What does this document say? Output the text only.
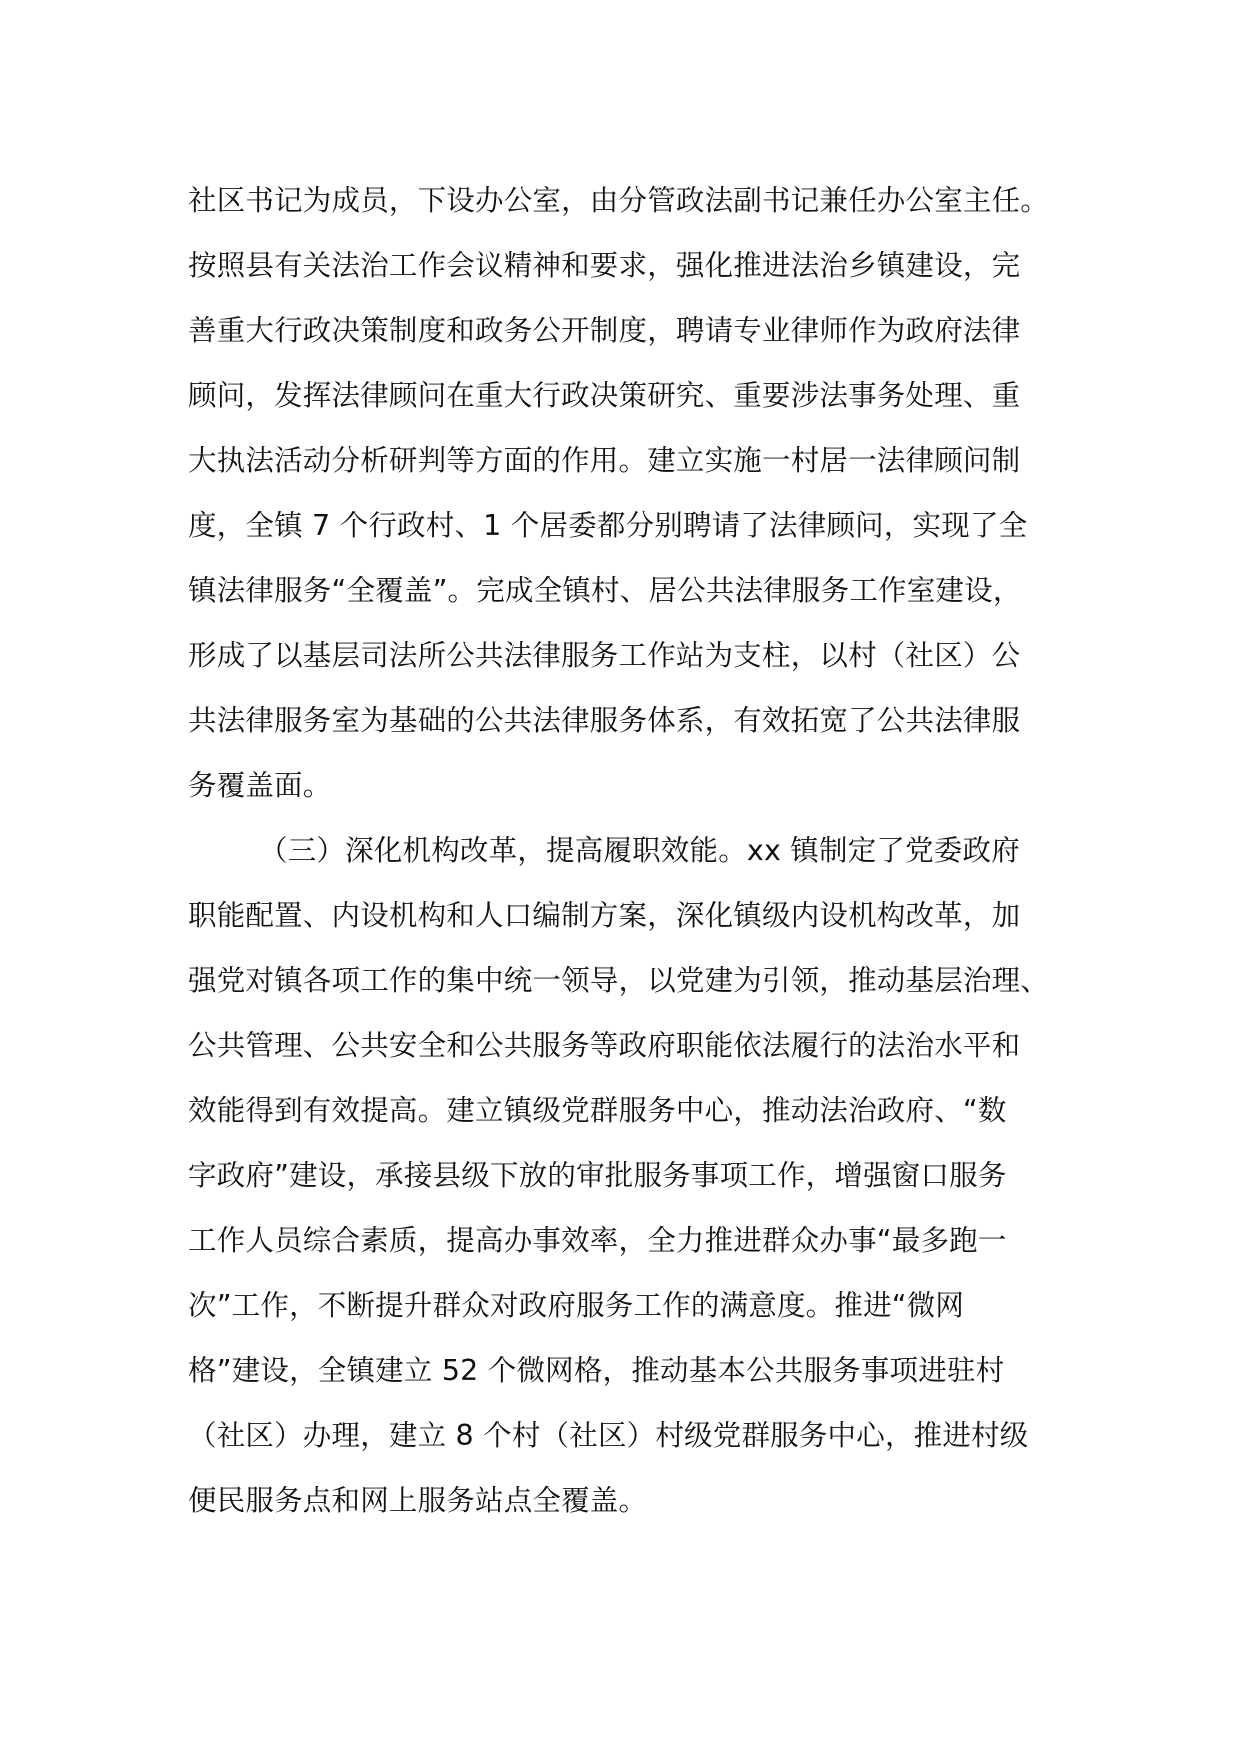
社区书记为成员，下设办公室，由分管政法副书记兼任办公室主任。
按照县有关法治工作会议精神和要求，强化推进法治乡镇建设，完
善重大行政决策制度和政务公开制度，聘请专业律师作为政府法律
顾问，发挥法律顾问在重大行政决策研究、重要涉法事务处理、重
大执法活动分析研判等方面的作用。建立实施一村居一法律顾问制
度，全镇 7 个行政村、1 个居委都分别聘请了法律顾问，实现了全
镇法律服务“全覆盖”。完成全镇村、居公共法律服务工作室建设，
形成了以基层司法所公共法律服务工作站为支柱，以村（社区）公
共法律服务室为基础的公共法律服务体系，有效拓宽了公共法律服
务覆盖面。
（三）深化机构改革，提高履职效能。xx 镇制定了党委政府
职能配置、内设机构和人口编制方案，深化镇级内设机构改革，加
强党对镇各项工作的集中统一领导，以党建为引领，推动基层治理、
公共管理、公共安全和公共服务等政府职能依法履行的法治水平和
效能得到有效提高。建立镇级党群服务中心，推动法治政府、“数
字政府”建设，承接县级下放的审批服务事项工作，增强窗口服务
工作人员综合素质，提高办事效率，全力推进群众办事“最多跑一
次”工作，不断提升群众对政府服务工作的满意度。推进“微网
格”建设，全镇建立 52 个微网格，推动基本公共服务事项进驻村
（社区）办理，建立 8 个村（社区）村级党群服务中心，推进村级
便民服务点和网上服务站点全覆盖。
